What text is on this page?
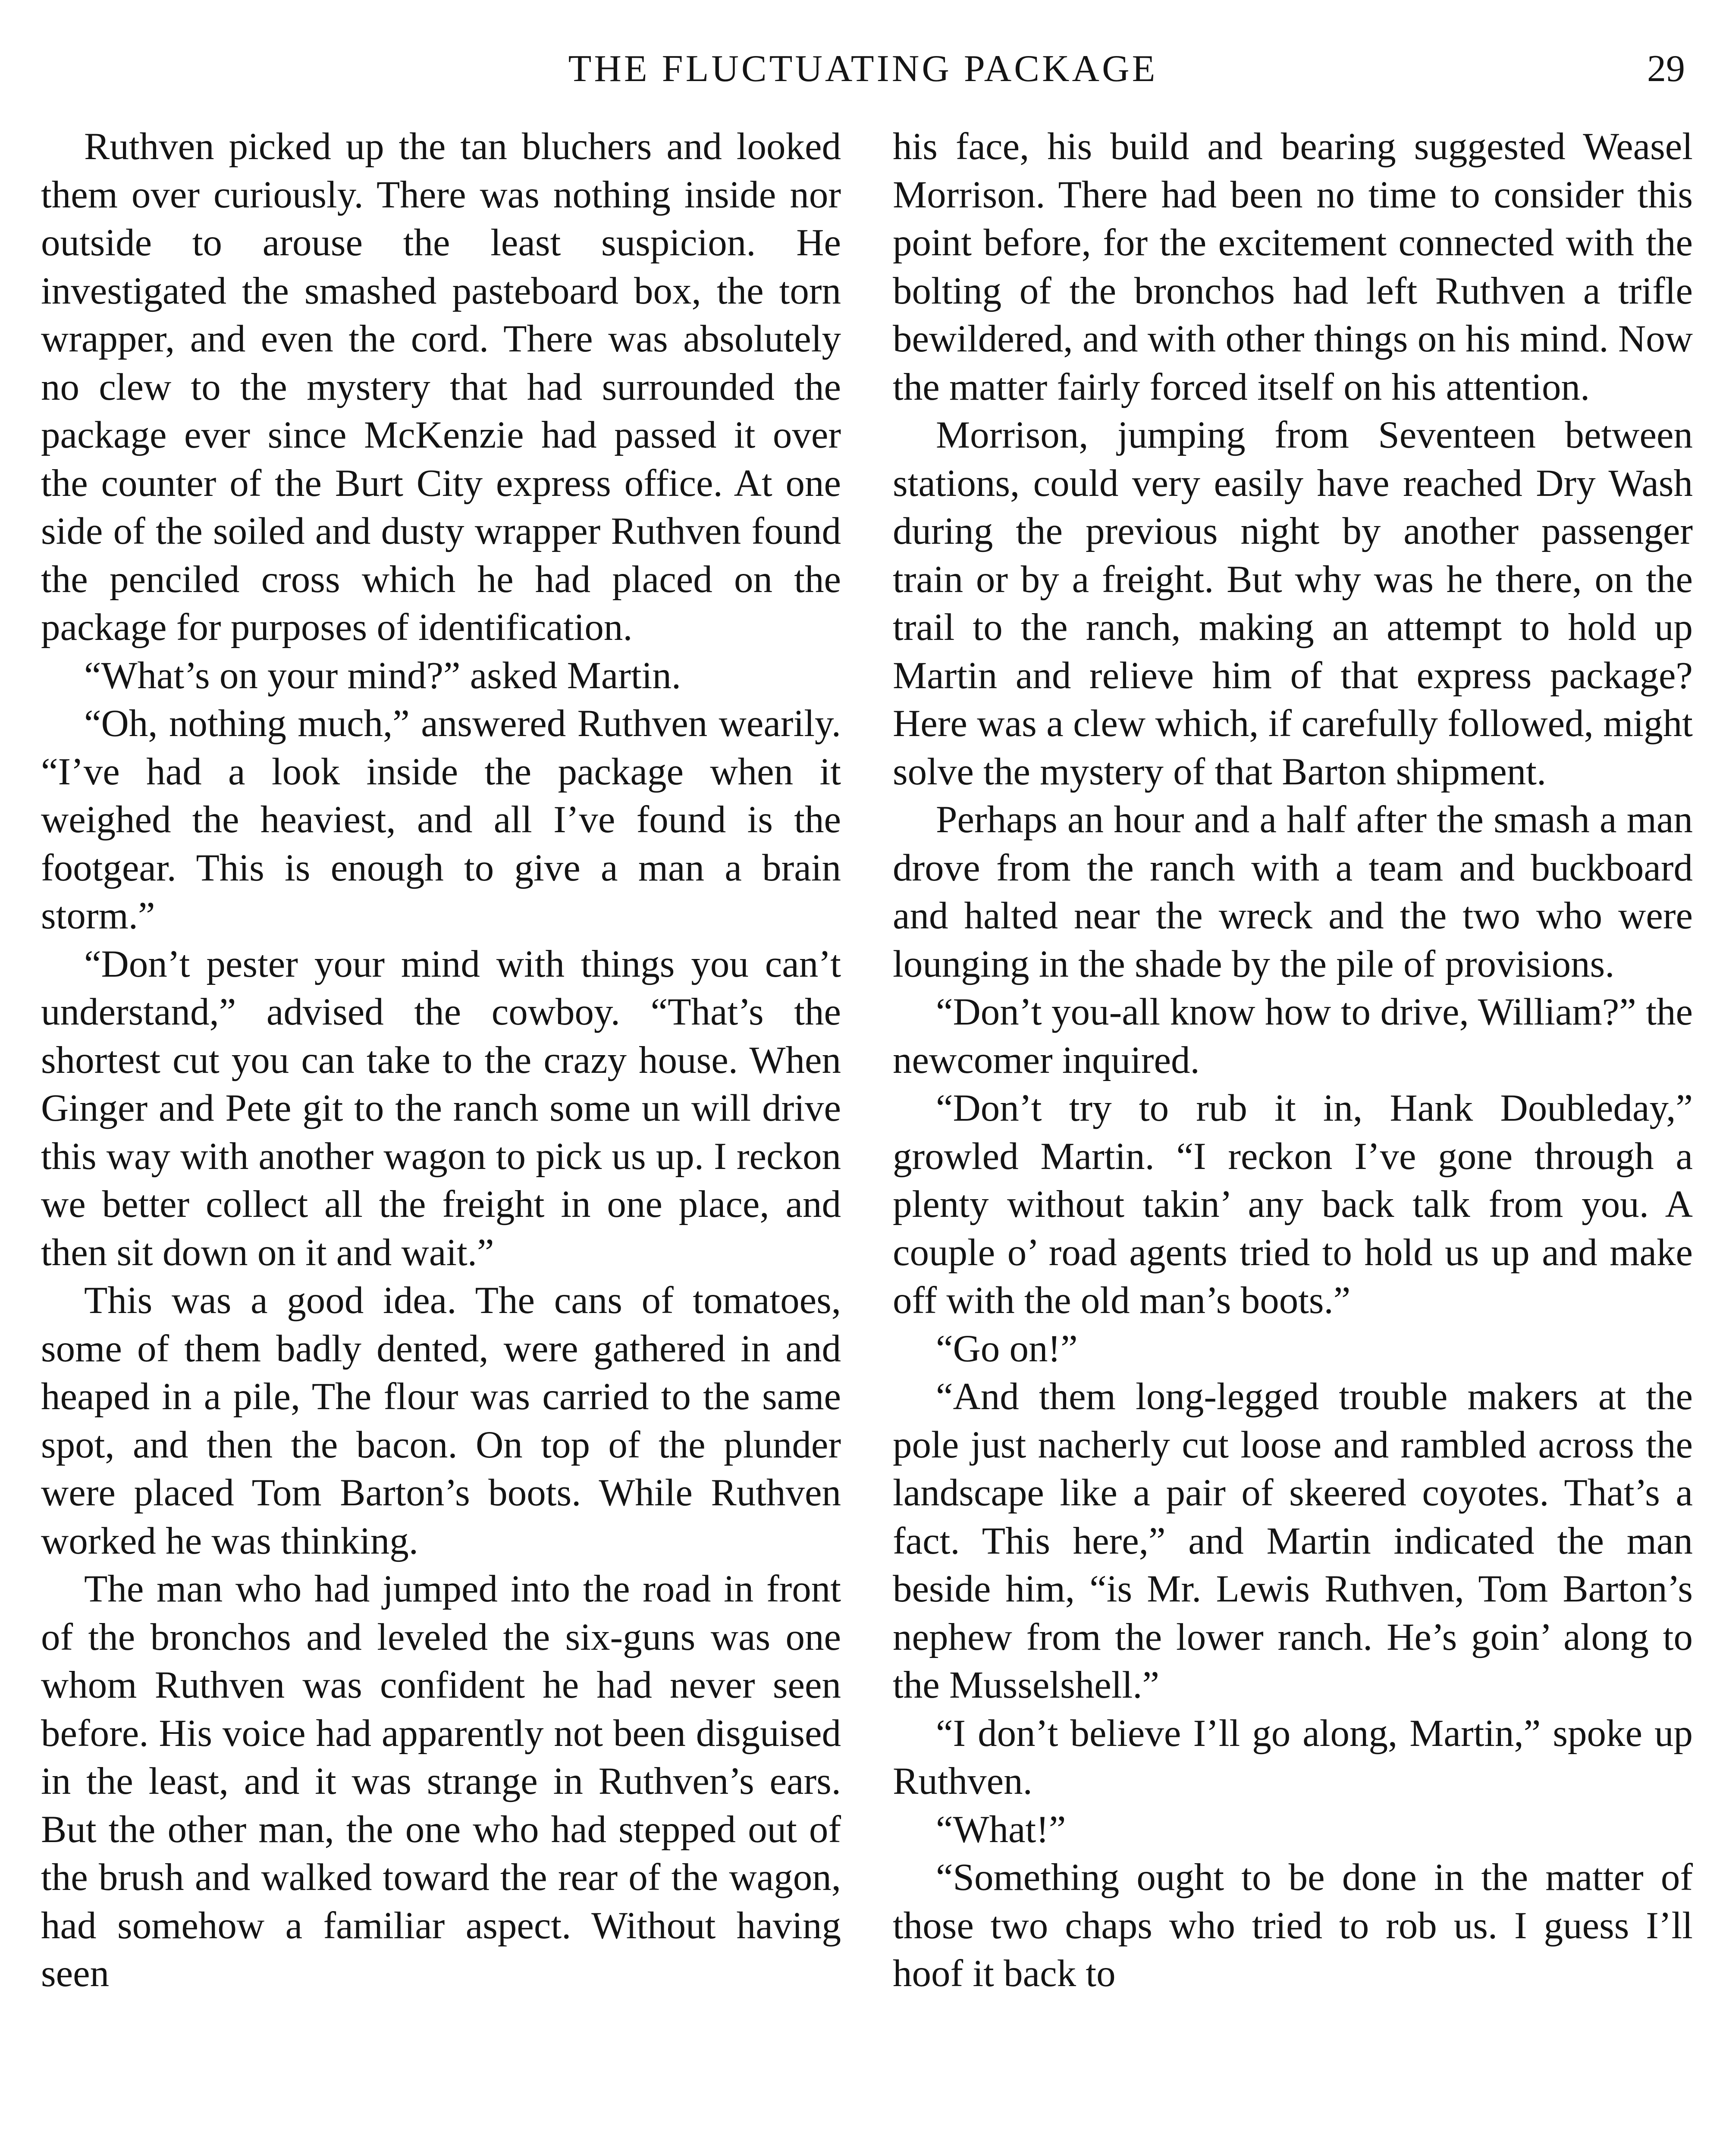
THE FLUCTUATING PACKAGE	29

Ruthven picked up the tan bluchers and looked them over curiously. There was nothing inside nor outside to arouse the least suspicion. He investigated the smashed pasteboard box, the torn wrapper, and even the cord. There was absolutely no clew to the mystery that had surrounded the package ever since McKenzie had passed it over the counter of the Burt City express office. At one side of the soiled and dusty wrapper Ruthven found the penciled cross which he had placed on the package for purposes of identification.

“What’s on your mind?” asked Martin.

“Oh, nothing much,” answered Ruthven wearily. “I’ve had a look inside the package when it weighed the heaviest, and all I’ve found is the footgear. This is enough to give a man a brain storm.”

“Don’t pester your mind with things you can’t understand,” advised the cowboy. “That’s the shortest cut you can take to the crazy house. When Ginger and Pete git to the ranch some un will drive this way with another wagon to pick us up. I reckon we better collect all the freight in one place, and then sit down on it and wait.”

This was a good idea. The cans of tomatoes, some of them badly dented, were gathered in and heaped in a pile, The flour was carried to the same spot, and then the bacon. On top of the plunder were placed Tom Barton’s boots. While Ruthven worked he was thinking.

The man who had jumped into the road in front of the bronchos and leveled the six-guns was one whom Ruthven was confident he had never seen before. His voice had apparently not been disguised in the least, and it was strange in Ruthven’s ears. But the other man, the one who had stepped out of the brush and walked toward the rear of the wagon, had somehow a familiar aspect. Without having seen

his face, his build and bearing suggested Weasel Morrison. There had been no time to consider this point before, for the excitement connected with the bolting of the bronchos had left Ruthven a trifle bewildered, and with other things on his mind. Now the matter fairly forced itself on his attention.

Morrison, jumping from Seventeen between stations, could very easily have reached Dry Wash during the previous night by another passenger train or by a freight. But why was he there, on the trail to the ranch, making an attempt to hold up Martin and relieve him of that express package? Here was a clew which, if carefully followed, might solve the mystery of that Barton shipment.

Perhaps an hour and a half after the smash a man drove from the ranch with a team and buckboard and halted near the wreck and the two who were lounging in the shade by the pile of provisions.

“Don’t you-all know how to drive, William?” the newcomer inquired.

“Don’t try to rub it in, Hank Doubleday,” growled Martin. “I reckon I’ve gone through a plenty without takin’ any back talk from you. A couple o’ road agents tried to hold us up and make off with the old man’s boots.”

“Go on!”

“And them long-legged trouble makers at the pole just nacherly cut loose and rambled across the landscape like a pair of skeered coyotes. That’s a fact. This here,” and Martin indicated the man beside him, “is Mr. Lewis Ruthven, Tom Barton’s nephew from the lower ranch. He’s goin’ along to the Musselshell.”

“I don’t believe I’ll go along, Martin,” spoke up Ruthven.

“What!”

“Something ought to be done in the matter of those two chaps who tried to rob us. I guess I’ll hoof it back to
